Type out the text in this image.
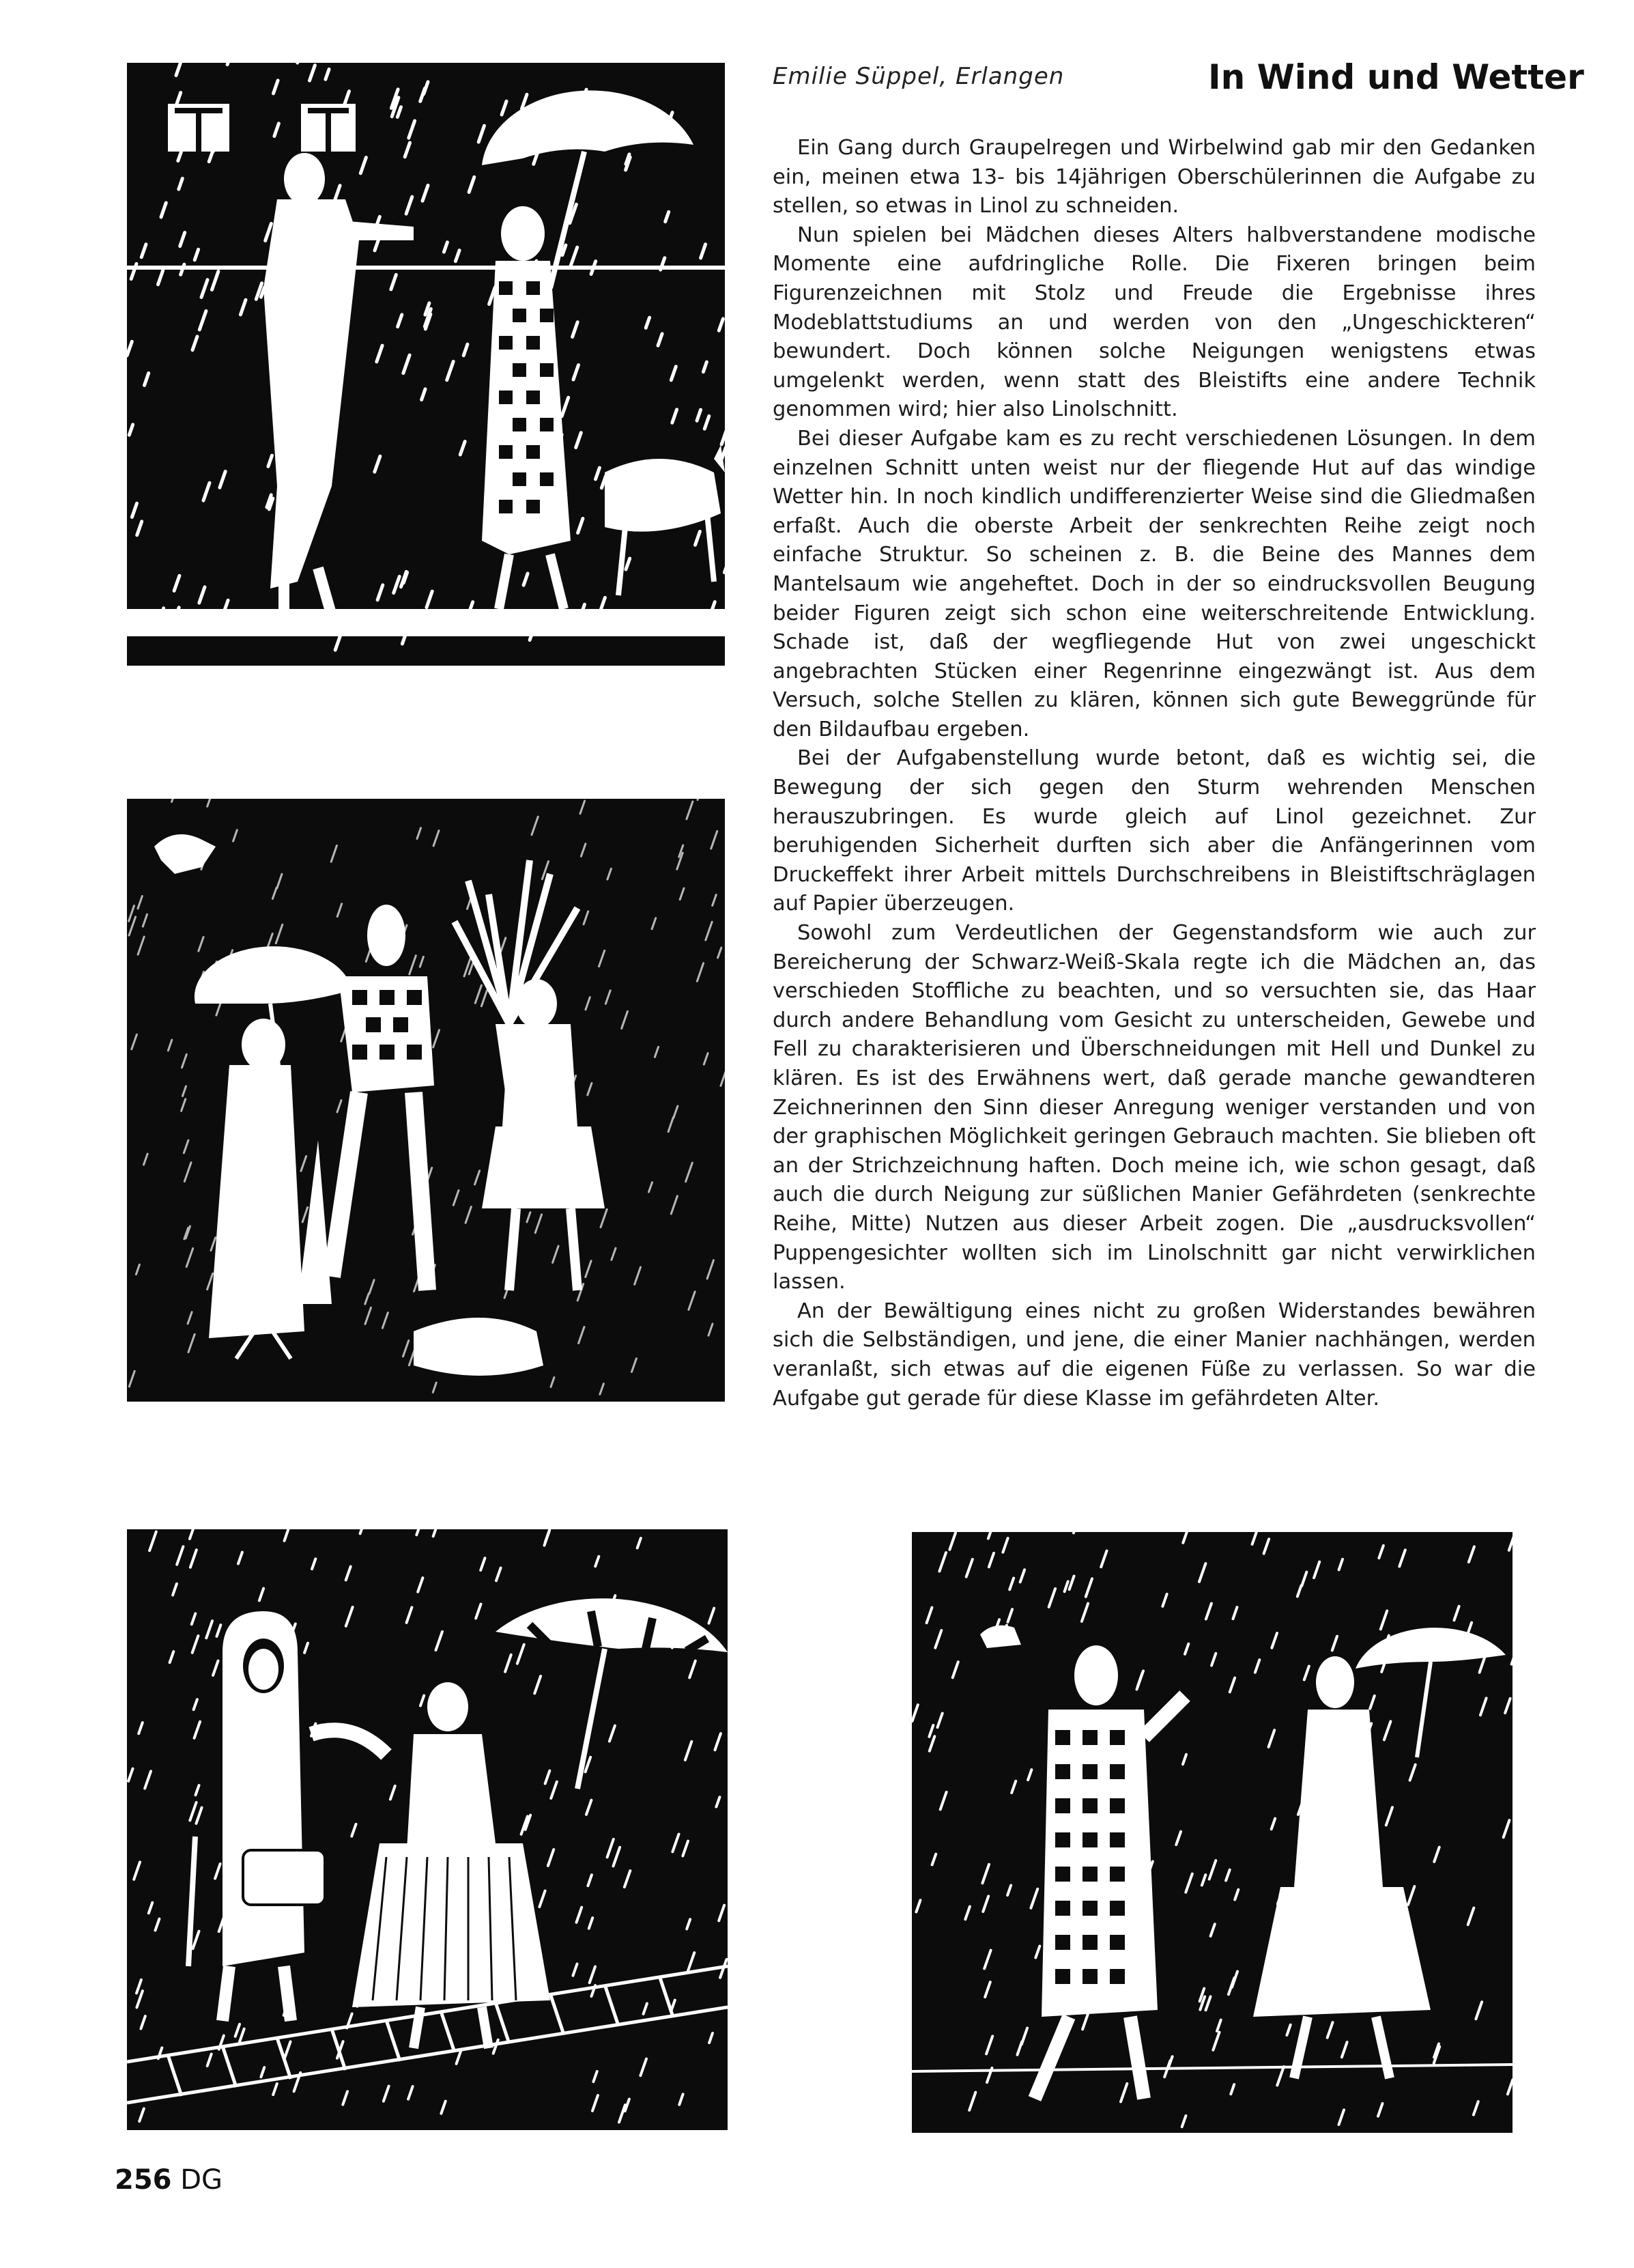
Emilie Süppel, Erlangen	In Wind und Wetter

Ein Gang durch Graupelregen und Wirbelwind gab mir den Gedanken ein, meinen etwa 13- bis 14jährigen Oberschülerinnen die Aufgabe zu stellen, so etwas in Linol zu schneiden.

Nun spielen bei Mädchen dieses Alters halbverstandene modische Momente eine aufdringliche Rolle. Die Fixeren bringen beim Figurenzeichnen mit Stolz und Freude die Ergebnisse ihres Modeblattstudiums an und werden von den „Ungeschickteren“ bewundert. Doch können solche Neigungen wenigstens etwas umgelenkt werden, wenn statt des Bleistifts eine andere Technik genommen wird; hier also Linolschnitt.

Bei dieser Aufgabe kam es zu recht verschiedenen Lösungen. In dem einzelnen Schnitt unten weist nur der fliegende Hut auf das windige Wetter hin. In noch kindlich undifferenzierter Weise sind die Gliedmaßen erfaßt. Auch die oberste Arbeit der senkrechten Reihe zeigt noch einfache Struktur. So scheinen z. B. die Beine des Mannes dem Mantelsaum wie angeheftet. Doch in der so eindrucksvollen Beugung beider Figuren zeigt sich schon eine weiterschreitende Entwicklung. Schade ist, daß der wegfliegende Hut von zwei ungeschickt angebrachten Stücken einer Regenrinne eingezwängt ist. Aus dem Versuch, solche Stellen zu klären, können sich gute Beweggründe für den Bildaufbau ergeben.

Bei der Aufgabenstellung wurde betont, daß es wichtig sei, die Bewegung der sich gegen den Sturm wehrenden Menschen herauszubringen. Es wurde gleich auf Linol gezeichnet. Zur beruhigenden Sicherheit durften sich aber die Anfängerinnen vom Druckeffekt ihrer Arbeit mittels Durchschreibens in Bleistiftschräglagen auf Papier überzeugen.

Sowohl zum Verdeutlichen der Gegenstandsform wie auch zur Bereicherung der Schwarz-Weiß-Skala regte ich die Mädchen an, das verschieden Stoffliche zu beachten, und so versuchten sie, das Haar durch andere Behandlung vom Gesicht zu unterscheiden, Gewebe und Fell zu charakterisieren und Überschneidungen mit Hell und Dunkel zu klären. Es ist des Erwähnens wert, daß gerade manche gewandteren Zeichnerinnen den Sinn dieser Anregung weniger verstanden und von der graphischen Möglichkeit geringen Gebrauch machten. Sie blieben oft an der Strichzeichnung haften. Doch meine ich, wie schon gesagt, daß auch die durch Neigung zur süßlichen Manier Gefährdeten (senkrechte Reihe, Mitte) Nutzen aus dieser Arbeit zogen. Die „ausdrucksvollen“ Puppengesichter wollten sich im Linolschnitt gar nicht verwirklichen lassen.

An der Bewältigung eines nicht zu großen Widerstandes bewähren sich die Selbständigen, und jene, die einer Manier nachhängen, werden veranlaßt, sich etwas auf die eigenen Füße zu verlassen. So war die Aufgabe gut gerade für diese Klasse im gefährdeten Alter.

256 DG
